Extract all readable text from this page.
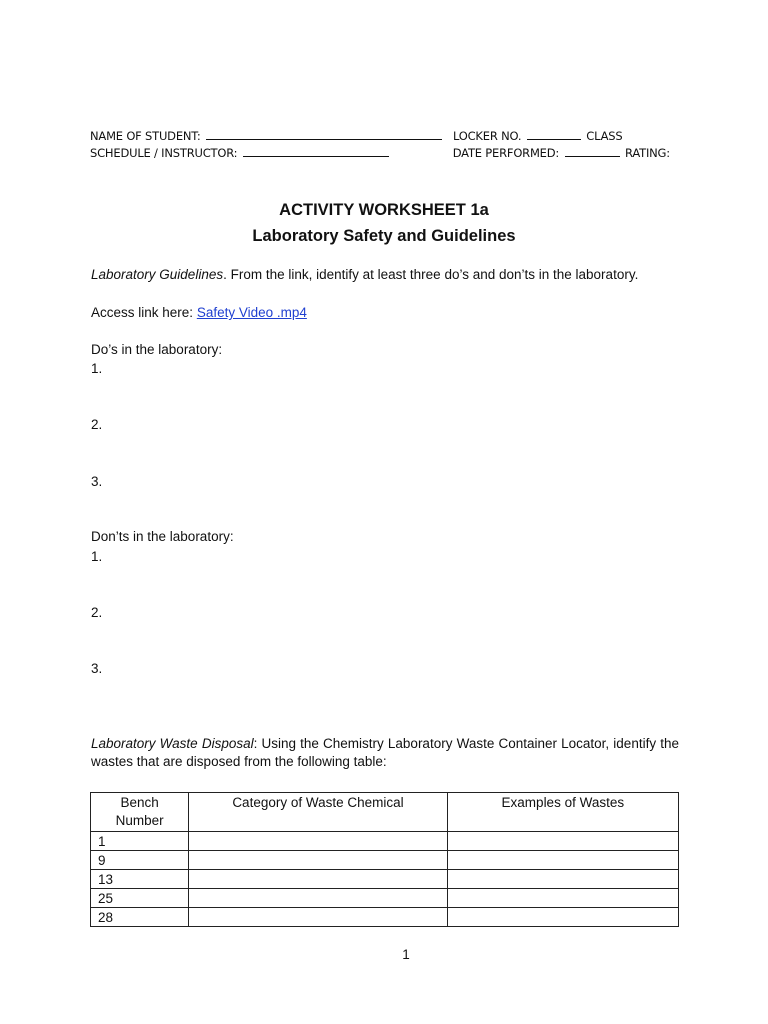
NAME OF STUDENT:	LOCKER NO.	CLASS
SCHEDULE / INSTRUCTOR:	DATE PERFORMED:	RATING:
ACTIVITY WORKSHEET 1a
Laboratory Safety and Guidelines
Laboratory Guidelines. From the link, identify at least three do’s and don’ts in the laboratory.
Access link here: Safety Video .mp4
Do’s in the laboratory:
1.
2.
3.
Don’ts in the laboratory:
1.
2.
3.
Laboratory Waste Disposal: Using the Chemistry Laboratory Waste Container Locator, identify the wastes that are disposed from the following table:
Bench Number	Category of Waste Chemical	Examples of Wastes
1		
9		
13		
25		
28		
1
